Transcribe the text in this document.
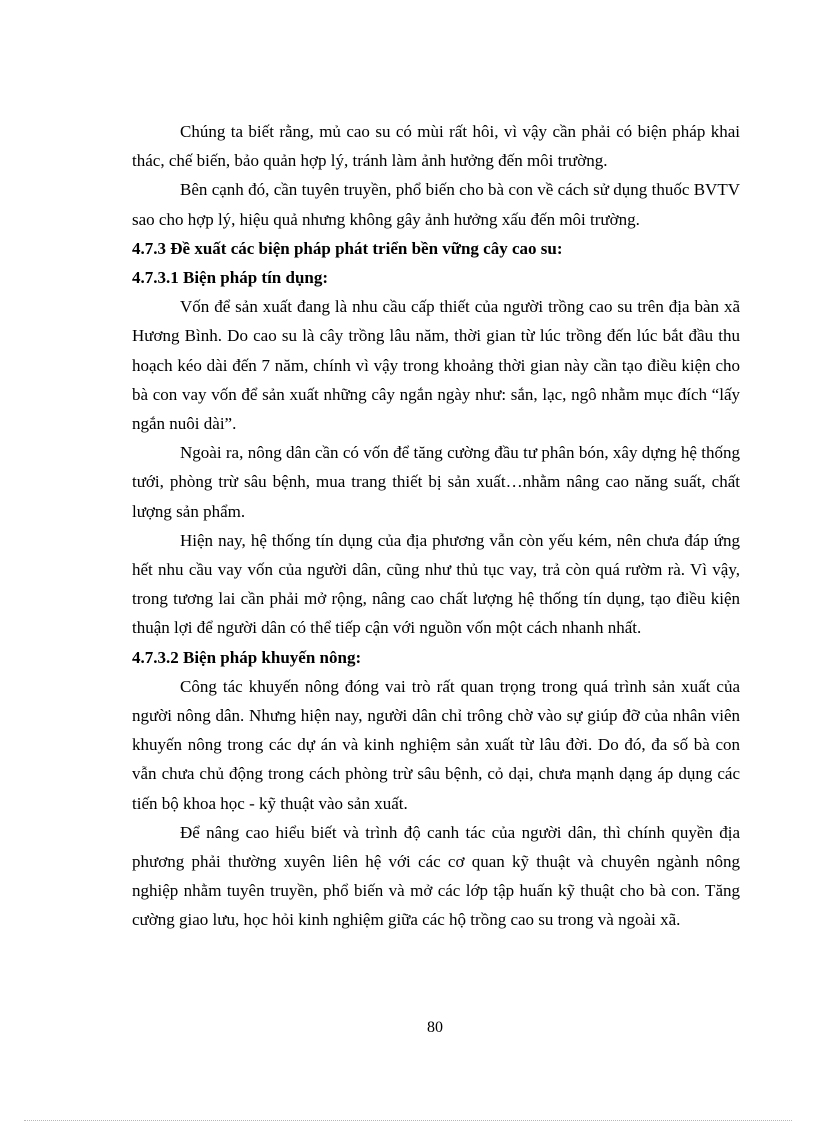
Chúng ta biết rằng, mủ cao su có mùi rất hôi, vì vậy cần phải có biện pháp khai thác, chế biến, bảo quản hợp lý, tránh làm ảnh hưởng đến môi trường.

Bên cạnh đó, cần tuyên truyền, phổ biến cho bà con về cách sử dụng thuốc BVTV sao cho hợp lý, hiệu quả nhưng không gây ảnh hưởng xấu đến môi trường.

4.7.3 Đề xuất các biện pháp phát triển bền vững cây cao su:

4.7.3.1 Biện pháp tín dụng:

Vốn để sản xuất đang là nhu cầu cấp thiết của người trồng cao su trên địa bàn xã Hương Bình. Do cao su là cây trồng lâu năm, thời gian từ lúc trồng đến lúc bắt đầu thu hoạch kéo dài đến 7 năm, chính vì vậy trong khoảng thời gian này cần tạo điều kiện cho bà con vay vốn để sản xuất những cây ngắn ngày như: sắn, lạc, ngô nhằm mục đích “lấy ngắn nuôi dài”.

Ngoài ra, nông dân cần có vốn để tăng cường đầu tư phân bón, xây dựng hệ thống tưới, phòng trừ sâu bệnh, mua trang thiết bị sản xuất…nhằm nâng cao năng suất, chất lượng sản phẩm.

Hiện nay, hệ thống tín dụng của địa phương vẫn còn yếu kém, nên chưa đáp ứng hết nhu cầu vay vốn của người dân, cũng như thủ tục vay, trả còn quá rườm rà. Vì vậy, trong tương lai cần phải mở rộng, nâng cao chất lượng hệ thống tín dụng, tạo điều kiện thuận lợi để người dân có thể tiếp cận với nguồn vốn một cách nhanh nhất.

4.7.3.2 Biện pháp khuyến nông:

Công tác khuyến nông đóng vai trò rất quan trọng trong quá trình sản xuất của người nông dân. Nhưng hiện nay, người dân chỉ trông chờ vào sự giúp đỡ của nhân viên khuyến nông trong các dự án và kinh nghiệm sản xuất từ lâu đời. Do đó, đa số bà con vẫn chưa chủ động trong cách phòng trừ sâu bệnh, cỏ dại, chưa mạnh dạng áp dụng các tiến bộ khoa học - kỹ thuật vào sản xuất.

Để nâng cao hiểu biết và trình độ canh tác của người dân, thì chính quyền địa phương phải thường xuyên liên hệ với các cơ quan kỹ thuật và chuyên ngành nông nghiệp nhằm tuyên truyền, phổ biến và mở các lớp tập huấn kỹ thuật cho bà con. Tăng cường giao lưu, học hỏi kinh nghiệm giữa các hộ trồng cao su trong và ngoài xã.

80
